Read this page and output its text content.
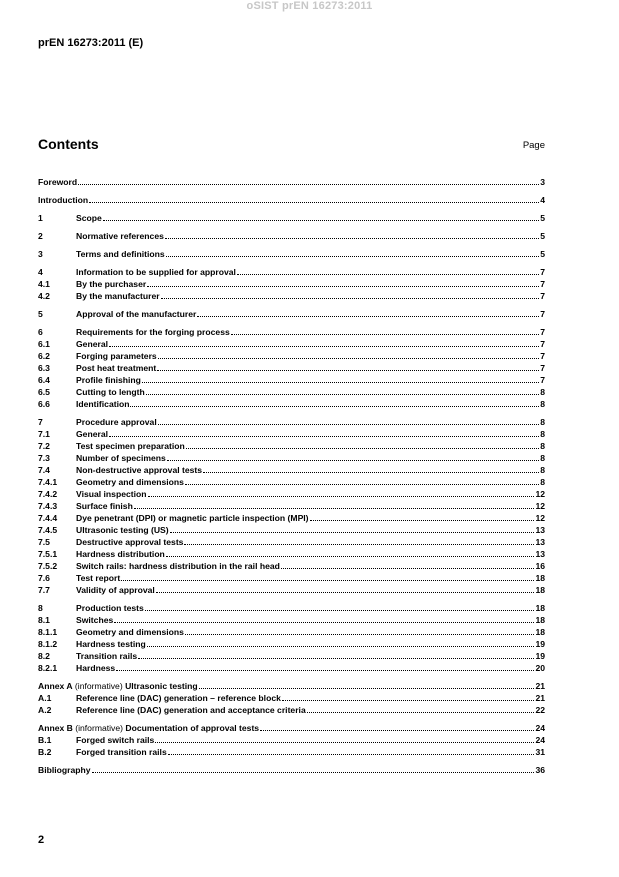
oSIST prEN 16273:2011
prEN 16273:2011 (E)
Contents	Page
Foreword	3
Introduction	4
1	Scope	5
2	Normative references	5
3	Terms and definitions	5
4	Information to be supplied for approval	7
4.1	By the purchaser	7
4.2	By the manufacturer	7
5	Approval of the manufacturer	7
6	Requirements for the forging process	7
6.1	General	7
6.2	Forging parameters	7
6.3	Post heat treatment	7
6.4	Profile finishing	7
6.5	Cutting to length	8
6.6	Identification	8
7	Procedure approval	8
7.1	General	8
7.2	Test specimen preparation	8
7.3	Number of specimens	8
7.4	Non-destructive approval tests	8
7.4.1	Geometry and dimensions	8
7.4.2	Visual inspection	12
7.4.3	Surface finish	12
7.4.4	Dye penetrant (DPI) or magnetic particle inspection (MPI)	12
7.4.5	Ultrasonic testing (US)	13
7.5	Destructive approval tests	13
7.5.1	Hardness distribution	13
7.5.2	Switch rails: hardness distribution in the rail head	16
7.6	Test report	18
7.7	Validity of approval	18
8	Production tests	18
8.1	Switches	18
8.1.1	Geometry and dimensions	18
8.1.2	Hardness testing	19
8.2	Transition rails	19
8.2.1	Hardness	20
Annex A (informative) Ultrasonic testing	21
A.1	Reference line (DAC) generation – reference block	21
A.2	Reference line (DAC) generation and acceptance criteria	22
Annex B (informative) Documentation of approval tests	24
B.1	Forged switch rails	24
B.2	Forged transition rails	31
Bibliography	36
2
